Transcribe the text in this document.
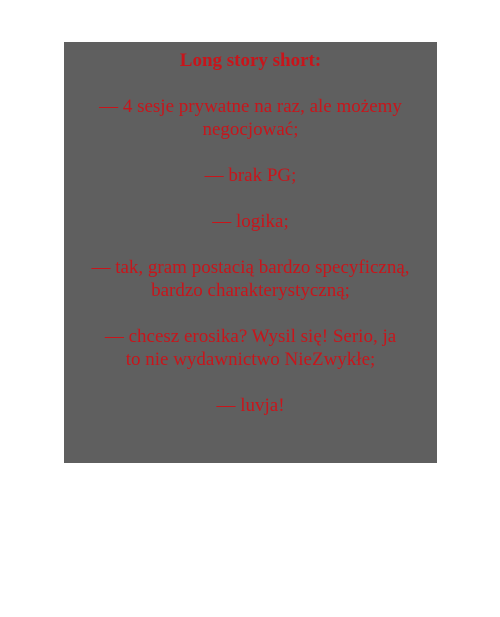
Long story short:

— 4 sesje prywatne na raz, ale możemy

negocjować;

— brak PG;

— logika;

— tak, gram postacią bardzo specyficzną,

bardzo charakterystyczną;

— chcesz erosika? Wysil się! Serio, ja

to nie wydawnictwo NieZwykłe;

— luvja!
